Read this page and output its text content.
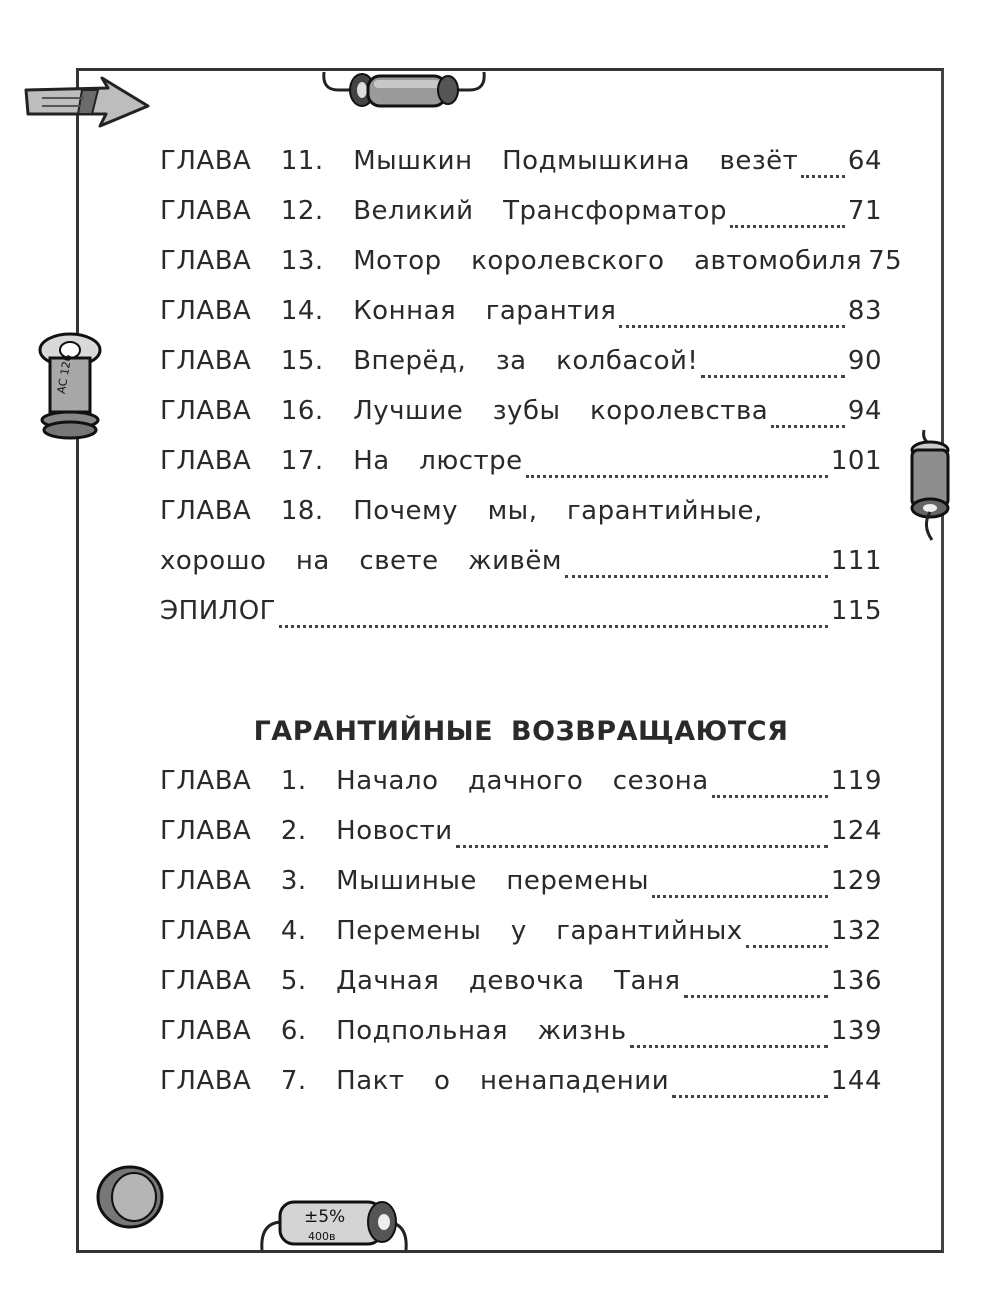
АС 126
±5%
400в
ГЛАВА  11.  Мышкин  Подмышкина  везёт 64
ГЛАВА  12.  Великий  Трансформатор	71
ГЛАВА  13.  Мотор  королевского  автомобиля 75
ГЛАВА  14.  Конная  гарантия	83
ГЛАВА  15.  Вперёд,  за  колбасой!	90
ГЛАВА  16.  Лучшие  зубы  королевства	94
ГЛАВА  17.  На  люстре	101
ГЛАВА  18.  Почему  мы,  гарантийные,
хорошо  на  свете  живём	111
ЭПИЛОГ	115
ГАРАНТИЙНЫЕ ВОЗВРАЩАЮТСЯ
ГЛАВА  1.  Начало  дачного  сезона	119
ГЛАВА  2.  Новости	124
ГЛАВА  3.  Мышиные  перемены	129
ГЛАВА  4.  Перемены  у  гарантийных	132
ГЛАВА  5.  Дачная  девочка  Таня	136
ГЛАВА  6.  Подпольная  жизнь	139
ГЛАВА  7.  Пакт  о  ненападении	144
